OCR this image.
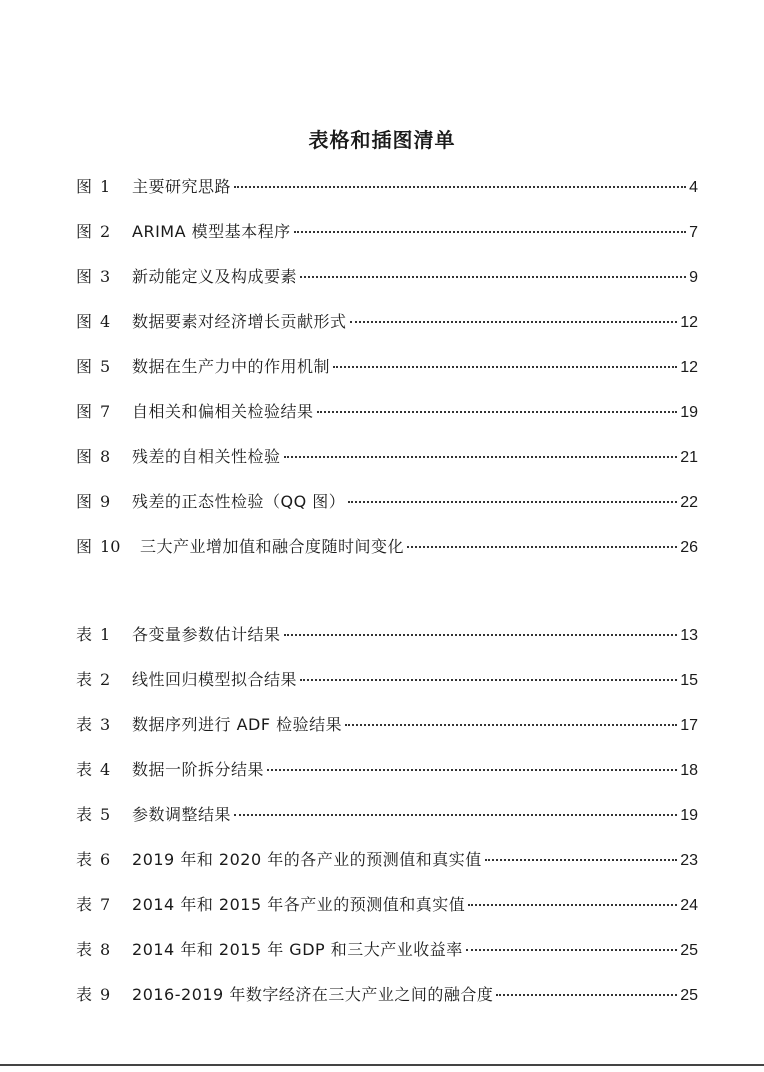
表格和插图清单
图 1	主要研究思路	4
图 2	ARIMA 模型基本程序	7
图 3	新动能定义及构成要素	9
图 4	数据要素对经济增长贡献形式	12
图 5	数据在生产力中的作用机制	12
图 7	自相关和偏相关检验结果	19
图 8	残差的自相关性检验	21
图 9	残差的正态性检验（QQ 图）	22
图 10	三大产业增加值和融合度随时间变化	26
表 1	各变量参数估计结果	13
表 2	线性回归模型拟合结果	15
表 3	数据序列进行 ADF 检验结果	17
表 4	数据一阶拆分结果	18
表 5	参数调整结果	19
表 6	2019 年和 2020 年的各产业的预测值和真实值	23
表 7	2014 年和 2015 年各产业的预测值和真实值	24
表 8	2014 年和 2015 年 GDP 和三大产业收益率	25
表 9	2016-2019 年数字经济在三大产业之间的融合度	25
